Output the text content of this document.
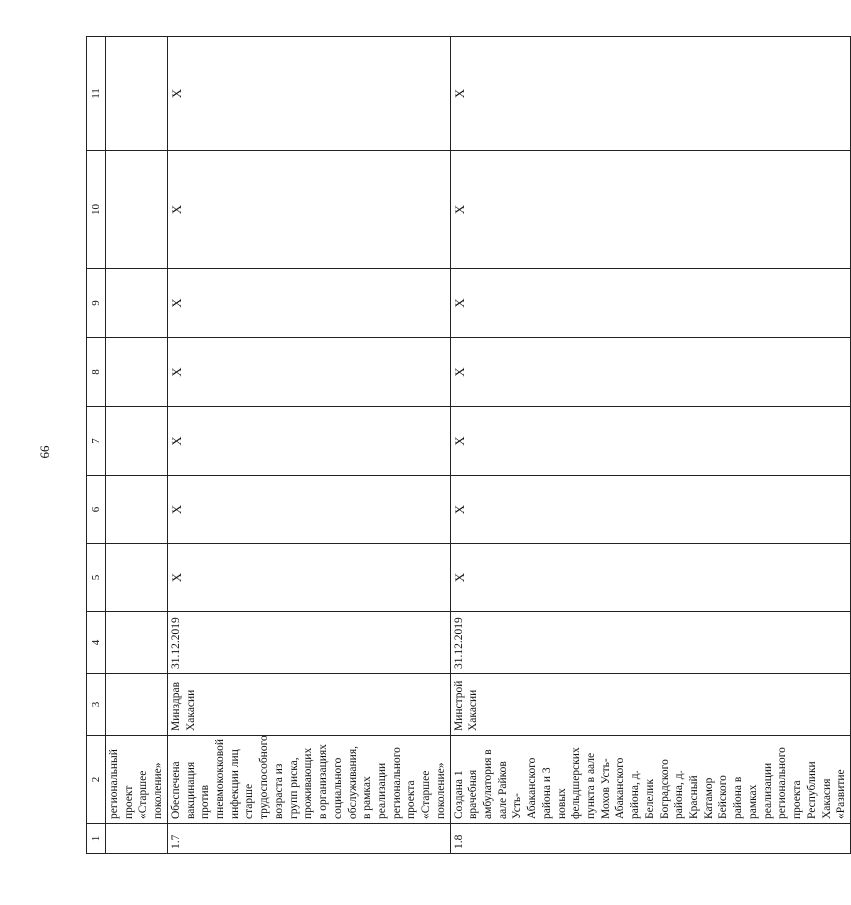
66
1	2	3	4	5	6	7	8	9	10	11
	региональный проект «Старшее поколение»									
1.7	Обеспечена вакцинация против пневмококковой инфекции лиц старше трудоспособного возраста из групп риска, проживающих в организациях социального обслуживания, в рамках реализации регионального проекта «Старшее поколение»	Минздрав Хакасии	31.12.2019	Х	Х	Х	Х	Х	Х	Х
1.8	Создана 1 врачебная амбулатория в аале Райков Усть-Абаканского района и 3 новых фельдшерских пункта в аале Мохов Усть-Абаканского района, д. Белелик Боградского района, д. Красный Катамор Бейского района в рамках реализации регионального проекта Республики Хакасия «Развитие	Минстрой Хакасии	31.12.2019	Х	Х	Х	Х	Х	Х	Х
